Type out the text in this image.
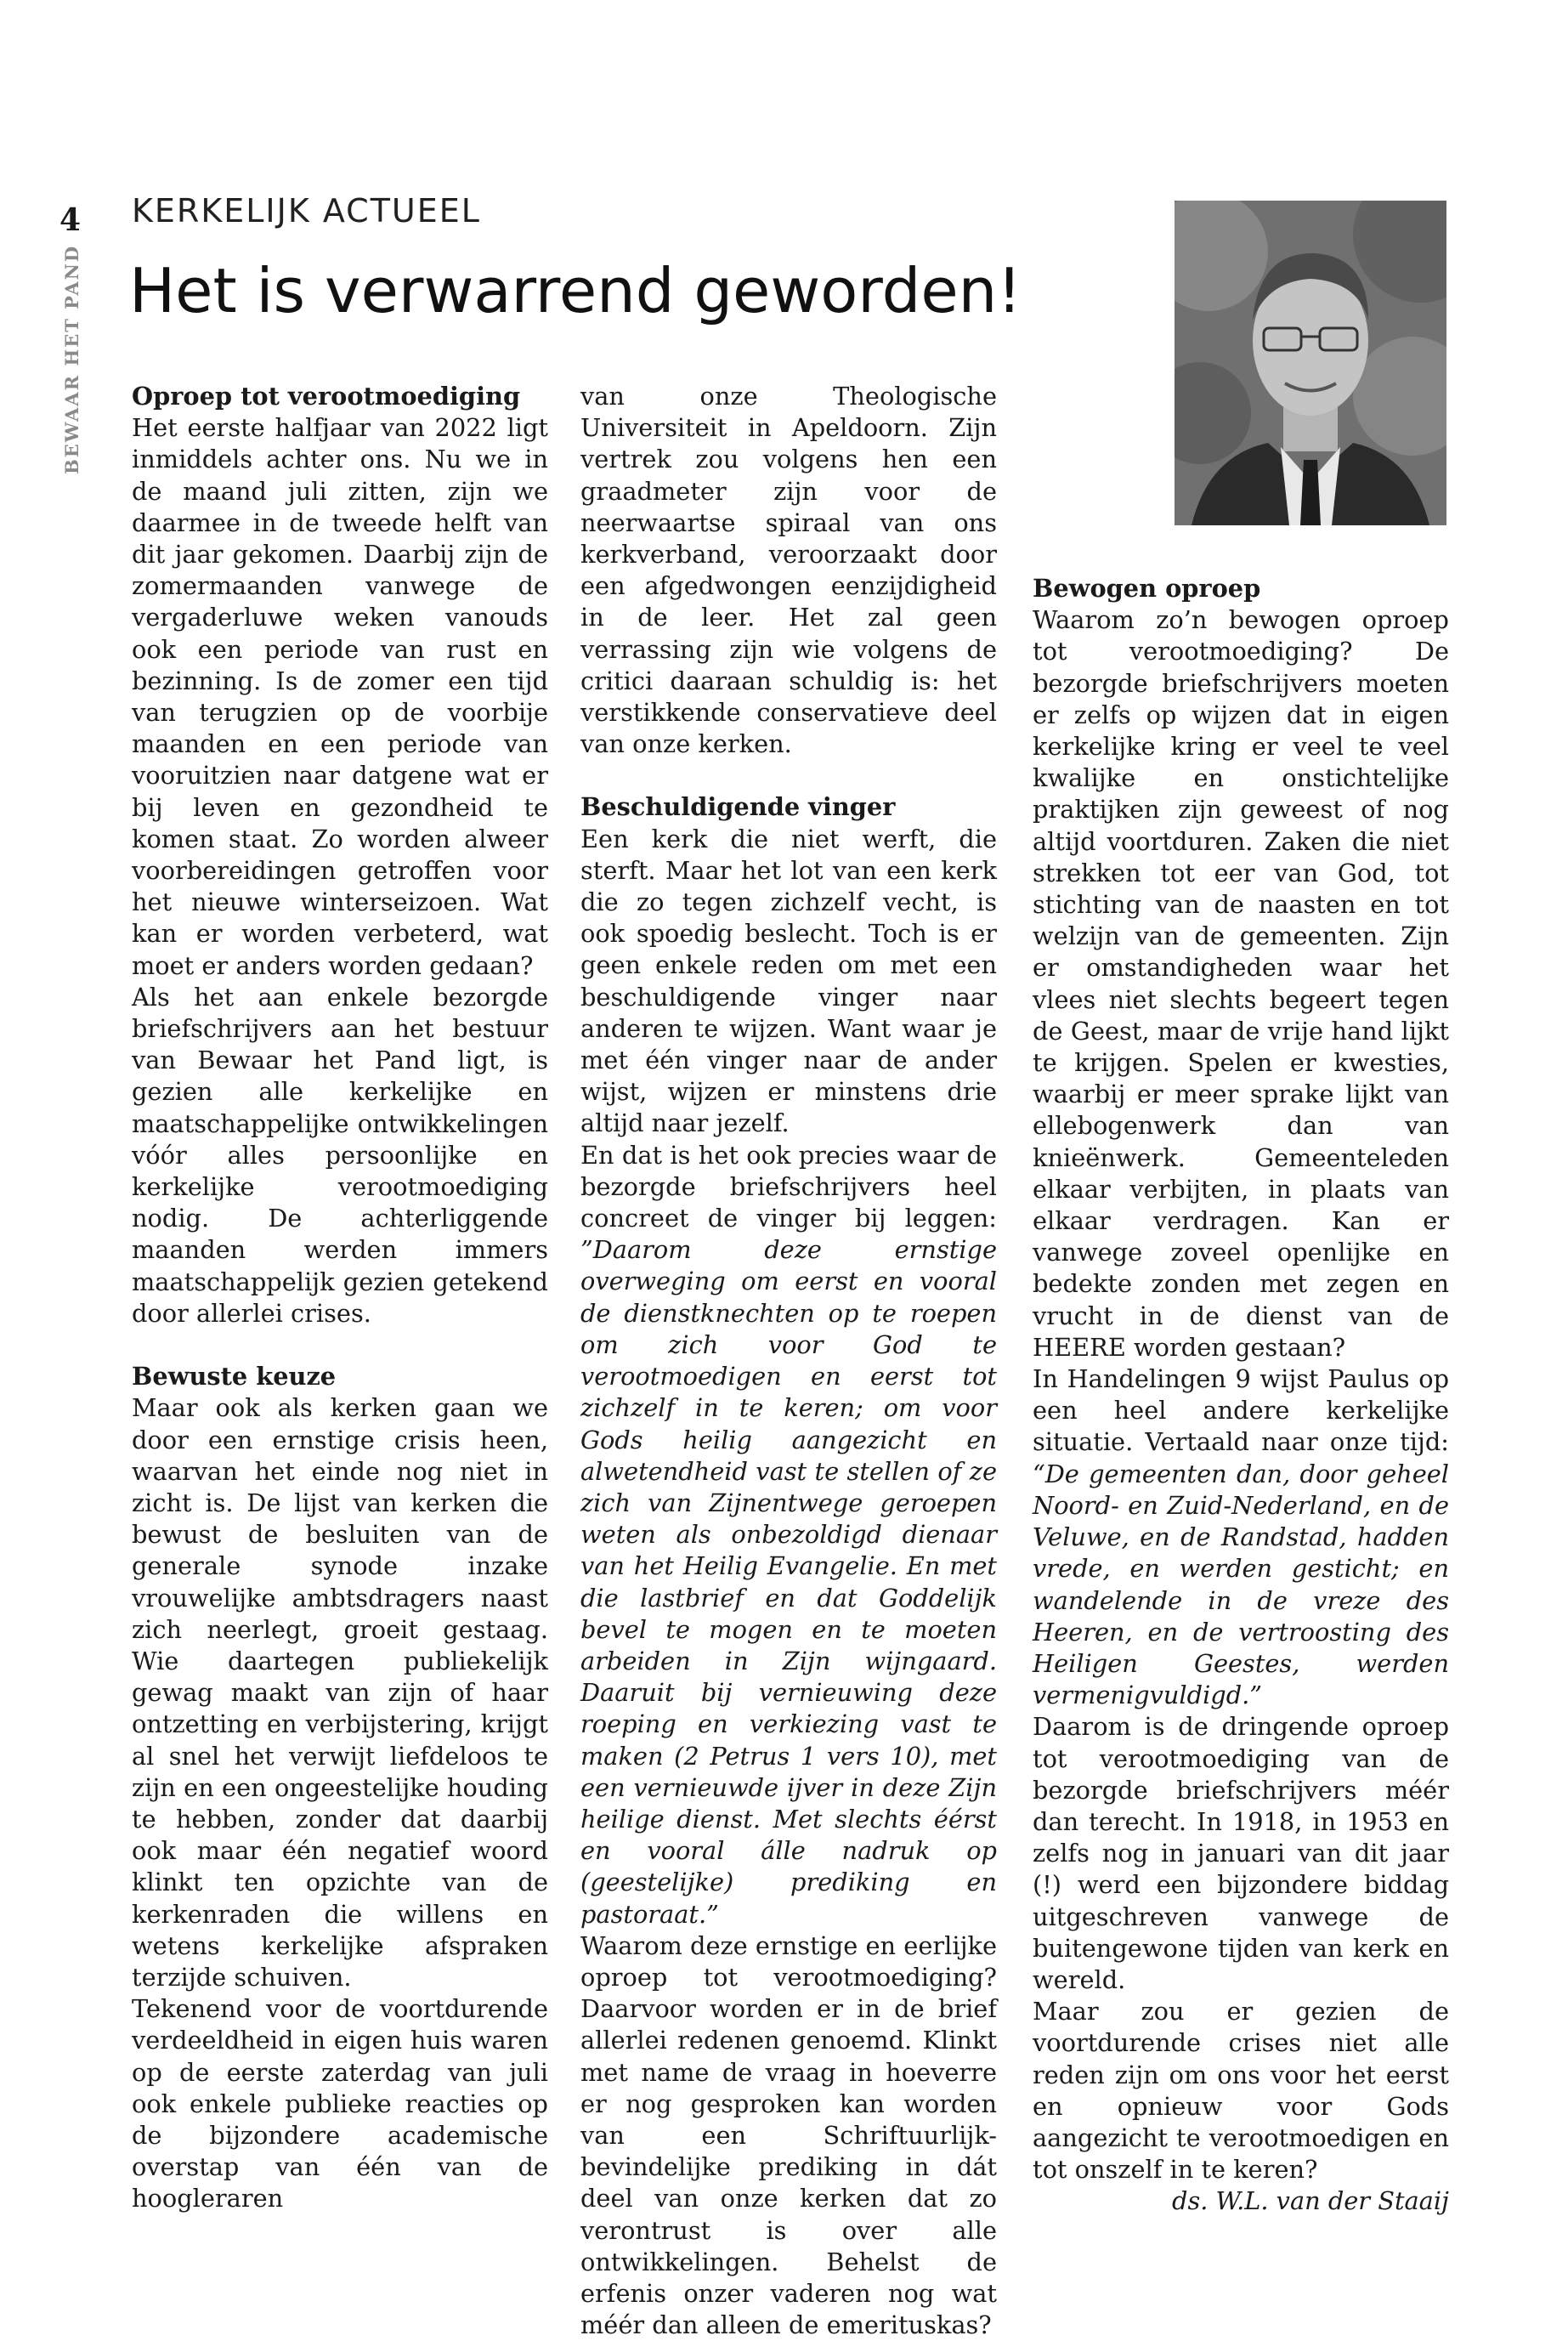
4
BEWAAR HET PAND
KERKELIJK ACTUEEL
Het is verwarrend geworden!
Oproep tot verootmoediging

Het eerste halfjaar van 2022 ligt inmiddels achter ons. Nu we in de maand juli zitten, zijn we daarmee in de tweede helft van dit jaar gekomen. Daarbij zijn de zomermaanden vanwege de vergaderluwe weken vanouds ook een periode van rust en bezinning. Is de zomer een tijd van terugzien op de voorbije maanden en een periode van vooruitzien naar datgene wat er bij leven en gezondheid te komen staat. Zo worden alweer voorbereidingen getroffen voor het nieuwe winterseizoen. Wat kan er worden verbeterd, wat moet er anders worden gedaan?

Als het aan enkele bezorgde briefschrijvers aan het bestuur van Bewaar het Pand ligt, is gezien alle kerkelijke en maatschappelijke ontwikkelingen vóór alles persoonlijke en kerkelijke verootmoediging nodig. De achterliggende maanden werden immers maatschappelijk gezien getekend door allerlei crises.

Bewuste keuze

Maar ook als kerken gaan we door een ernstige crisis heen, waarvan het einde nog niet in zicht is. De lijst van kerken die bewust de besluiten van de generale synode inzake vrouwelijke ambtsdragers naast zich neerlegt, groeit gestaag. Wie daartegen publiekelijk gewag maakt van zijn of haar ontzetting en verbijstering, krijgt al snel het verwijt liefdeloos te zijn en een ongeestelijke houding te hebben, zonder dat daarbij ook maar één negatief woord klinkt ten opzichte van de kerkenraden die willens en wetens kerkelijke afspraken terzijde schuiven.

Tekenend voor de voortdurende verdeeldheid in eigen huis waren op de eerste zaterdag van juli ook enkele publieke reacties op de bijzondere academische overstap van één van de hoogleraren

van onze Theologische Universiteit in Apeldoorn. Zijn vertrek zou volgens hen een graadmeter zijn voor de neerwaartse spiraal van ons kerkverband, veroorzaakt door een afgedwongen eenzijdigheid in de leer. Het zal geen verrassing zijn wie volgens de critici daaraan schuldig is: het verstikkende conservatieve deel van onze kerken.

Beschuldigende vinger

Een kerk die niet werft, die sterft. Maar het lot van een kerk die zo tegen zichzelf vecht, is ook spoedig beslecht. Toch is er geen enkele reden om met een beschuldigende vinger naar anderen te wijzen. Want waar je met één vinger naar de ander wijst, wijzen er minstens drie altijd naar jezelf.

En dat is het ook precies waar de bezorgde briefschrijvers heel concreet de vinger bij leggen: ”Daarom deze ernstige overweging om eerst en vooral de dienstknechten op te roepen om zich voor God te verootmoedigen en eerst tot zichzelf in te keren; om voor Gods heilig aangezicht en alwetendheid vast te stellen of ze zich van Zijnentwege geroepen weten als onbezoldigd dienaar van het Heilig Evangelie. En met die lastbrief en dat Goddelijk bevel te mogen en te moeten arbeiden in Zijn wijngaard. Daaruit bij vernieuwing deze roeping en verkiezing vast te maken (2 Petrus 1 vers 10), met een vernieuwde ijver in deze Zijn heilige dienst. Met slechts éérst en vooral álle nadruk op (geestelijke) prediking en pastoraat.”

Waarom deze ernstige en eerlijke oproep tot verootmoediging? Daarvoor worden er in de brief allerlei redenen genoemd. Klinkt met name de vraag in hoeverre er nog gesproken kan worden van een Schriftuurlijk-bevindelijke prediking in dát deel van onze kerken dat zo verontrust is over alle ontwikkelingen. Behelst de erfenis onzer vaderen nog wat méér dan alleen de emerituskas?

Bewogen oproep

Waarom zo’n bewogen oproep tot verootmoediging? De bezorgde briefschrijvers moeten er zelfs op wijzen dat in eigen kerkelijke kring er veel te veel kwalijke en onstichtelijke praktijken zijn geweest of nog altijd voortduren. Zaken die niet strekken tot eer van God, tot stichting van de naasten en tot welzijn van de gemeenten. Zijn er omstandigheden waar het vlees niet slechts begeert tegen de Geest, maar de vrije hand lijkt te krijgen. Spelen er kwesties, waarbij er meer sprake lijkt van ellebogenwerk dan van knieënwerk. Gemeenteleden elkaar verbijten, in plaats van elkaar verdragen. Kan er vanwege zoveel openlijke en bedekte zonden met zegen en vrucht in de dienst van de HEERE worden gestaan?

In Handelingen 9 wijst Paulus op een heel andere kerkelijke situatie. Vertaald naar onze tijd: “De gemeenten dan, door geheel Noord- en Zuid-Nederland, en de Veluwe, en de Randstad, hadden vrede, en werden gesticht; en wandelende in de vreze des Heeren, en de vertroosting des Heiligen Geestes, werden vermenigvuldigd.”

Daarom is de dringende oproep tot verootmoediging van de bezorgde briefschrijvers méér dan terecht. In 1918, in 1953 en zelfs nog in januari van dit jaar (!) werd een bijzondere biddag uitgeschreven vanwege de buitengewone tijden van kerk en wereld.

Maar zou er gezien de voortdurende crises niet alle reden zijn om ons voor het eerst en opnieuw voor Gods aangezicht te verootmoedigen en tot onszelf in te keren?

ds. W.L. van der Staaij
